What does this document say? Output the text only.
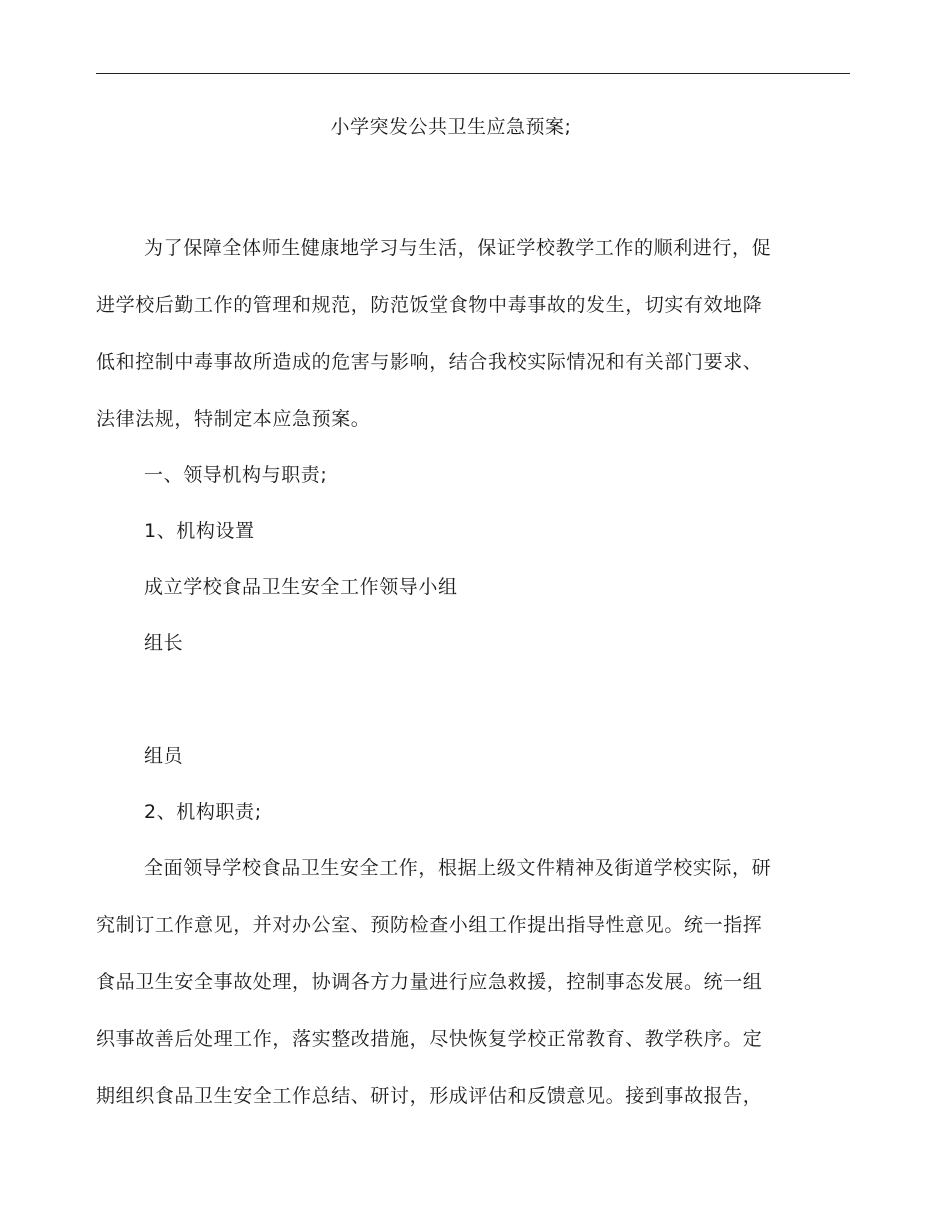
小学突发公共卫生应急预案;
为了保障全体师生健康地学习与生活，保证学校教学工作的顺利进行，促
进学校后勤工作的管理和规范，防范饭堂食物中毒事故的发生，切实有效地降
低和控制中毒事故所造成的危害与影响，结合我校实际情况和有关部门要求、
法律法规，特制定本应急预案。
一、领导机构与职责;
1、机构设置
成立学校食品卫生安全工作领导小组
组长
组员
2、机构职责;
全面领导学校食品卫生安全工作，根据上级文件精神及街道学校实际，研
究制订工作意见，并对办公室、预防检查小组工作提出指导性意见。统一指挥
食品卫生安全事故处理，协调各方力量进行应急救援，控制事态发展。统一组
织事故善后处理工作，落实整改措施，尽快恢复学校正常教育、教学秩序。定
期组织食品卫生安全工作总结、研讨，形成评估和反馈意见。接到事故报告，
